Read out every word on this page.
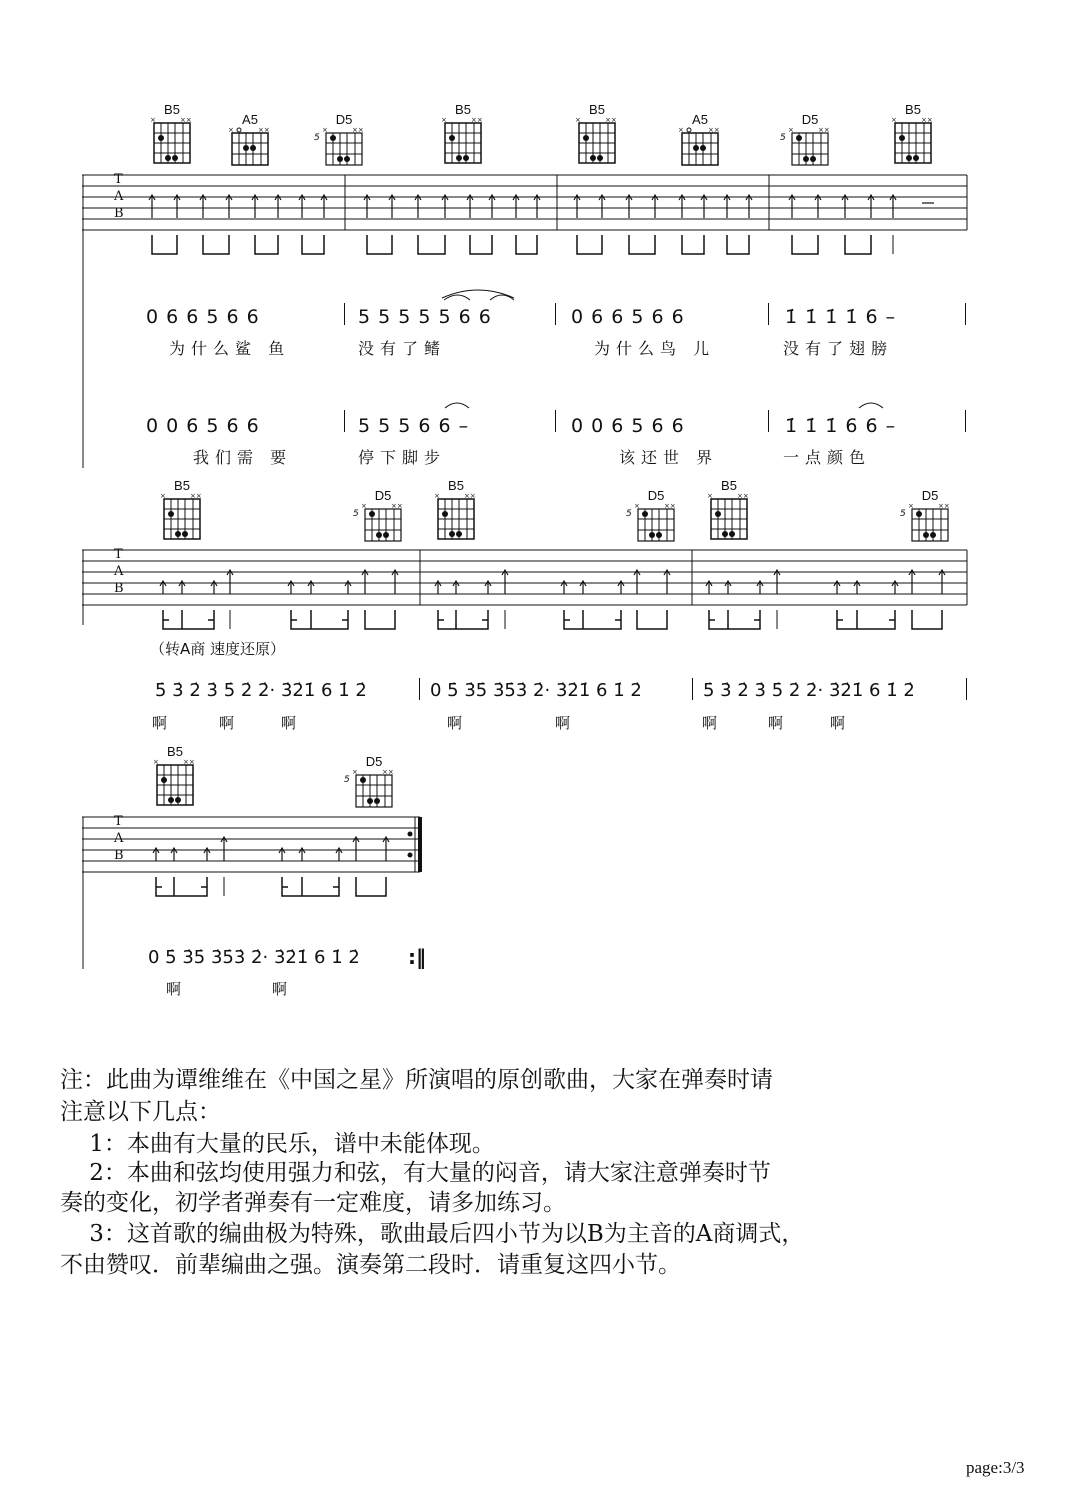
B5
×	××	A5
×	××
D5
5
×	××
B5
×	××
B5
×	××	A5
×	××
D5
5
×	××
B5
×	××
T
A
B
0 6 6 5 6 6	5 5 5 5 5 6 6	0 6 6 5 6 6	1̇ 1̇ 1̇ 1̇ 6 –
为什么鲨 鱼	没有了鳍	为什么鸟 儿	没有了翅膀
0 0 6 5 6 6	5 5 5 6 6 –	0 0 6 5 6 6	1̇ 1̇ 1̇ 6 6 –
我们需 要	停下脚步	该还世 界	一点颜色
B5
×	××	D5
5
×	××
B5
×	××	D5
5
×	××
B5
×	××	D5
5
×	××
T
A
B
（转A商 速度还原）
5̇ 3̇ 2̇ 3̇ 5̇ 2̇ 2̇· 3̇2̇1̇ 6 1̇ 2̇	0 5̇ 3̇5̇ 3̇5̇3̇ 2̇· 3̇2̇1̇ 6 1̇ 2̇	5̇ 3̇ 2̇ 3̇ 5̇ 2̇ 2̇· 3̇2̇1̇ 6 1̇ 2̇
啊	啊	啊	啊	啊	啊	啊	啊
B5
×	××	D5
5
×	××
T
A
B
0 5̇ 3̇5̇ 3̇5̇3̇ 2̇· 3̇2̇1̇ 6 1̇ 2̇ :‖
啊	啊
注：此曲为谭维维在《中国之星》所演唱的原创歌曲，大家在弹奏时请
注意以下几点：
1：本曲有大量的民乐，谱中未能体现。
2：本曲和弦均使用强力和弦，有大量的闷音，请大家注意弹奏时节
奏的变化，初学者弹奏有一定难度，请多加练习。
3：这首歌的编曲极为特殊，歌曲最后四小节为以B为主音的A商调式，
不由赞叹．前辈编曲之强。演奏第二段时．请重复这四小节。
page:3/3
